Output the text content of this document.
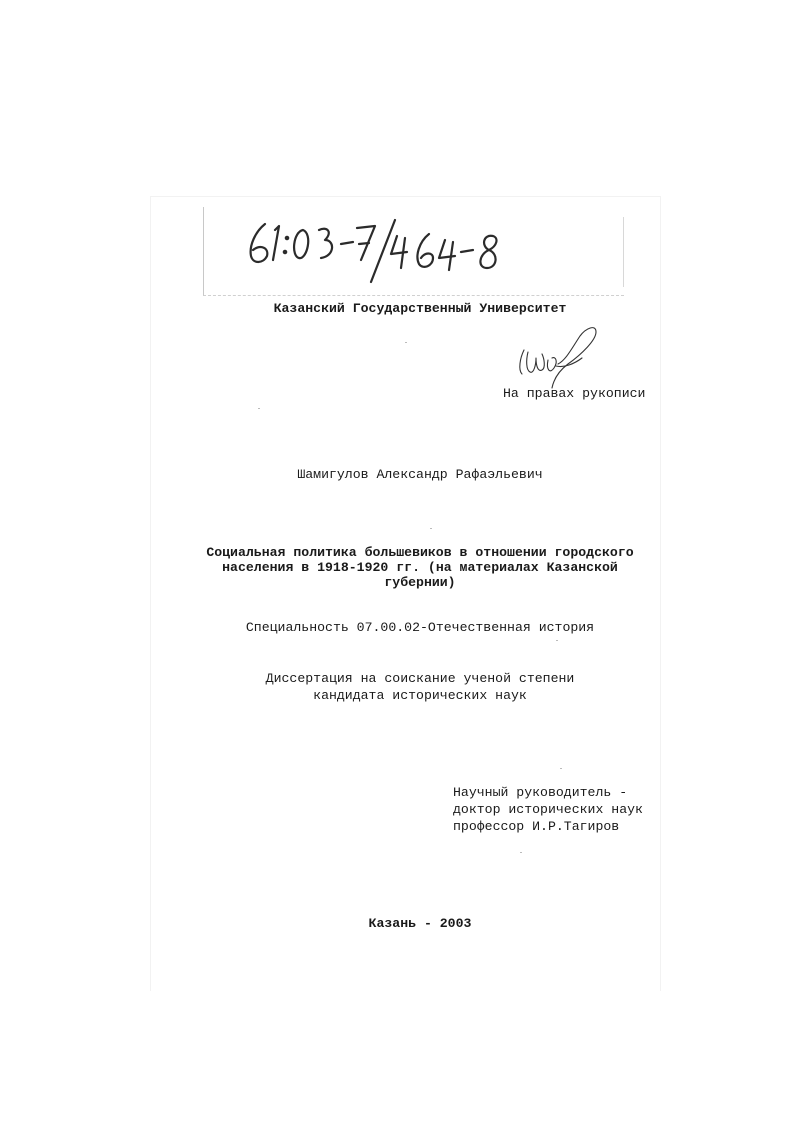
Казанский Государственный Университет
На правах рукописи
Шамигулов Александр Рафаэльевич
Социальная политика большевиков в отношении городского
населения в 1918-1920 гг. (на материалах Казанской
губернии)
Специальность 07.00.02-Отечественная история
Диссертация на соискание ученой степени
кандидата исторических наук
Научный руководитель -
доктор исторических наук
профессор И.Р.Тагиров
Казань - 2003
